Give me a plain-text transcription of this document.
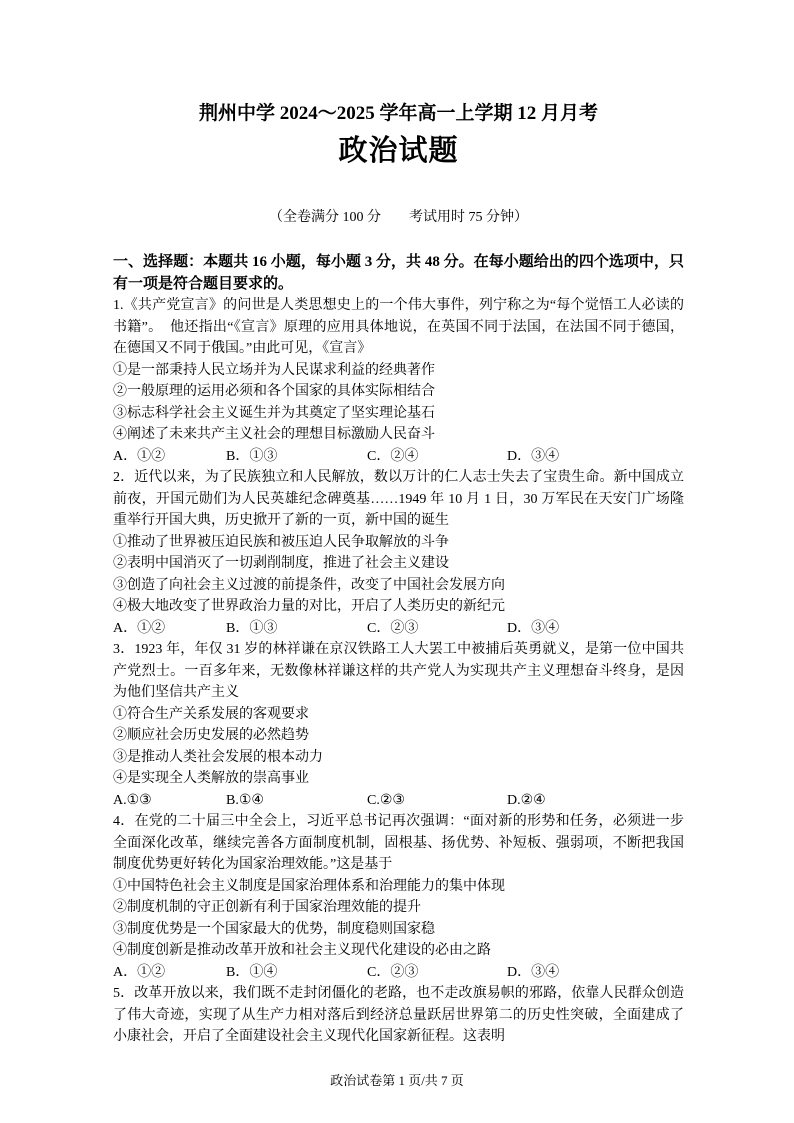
荆州中学 2024～2025 学年高一上学期 12 月月考
政治试题
（全卷满分 100 分　　考试用时 75 分钟）
一、选择题：本题共 16 小题，每小题 3 分，共 48 分。在每小题给出的四个选项中，只有一项是符合题目要求的。

1.《共产党宣言》的问世是人类思想史上的一个伟大事件，列宁称之为“每个觉悟工人必读的书籍”。  他还指出“《宣言》原理的应用具体地说，在英国不同于法国，在法国不同于德国，在德国又不同于俄国。”由此可见，《宣言》

①是一部秉持人民立场并为人民谋求利益的经典著作

②一般原理的运用必须和各个国家的具体实际相结合

③标志科学社会主义诞生并为其奠定了坚实理论基石

④阐述了未来共产主义社会的理想目标激励人民奋斗

A．①②	B．①③	C．②④	D．③④

2．近代以来，为了民族独立和人民解放，数以万计的仁人志士失去了宝贵生命。新中国成立前夜，开国元勋们为人民英雄纪念碑奠基……1949 年 10 月 1 日，30 万军民在天安门广场隆重举行开国大典，历史掀开了新的一页，新中国的诞生

①推动了世界被压迫民族和被压迫人民争取解放的斗争

②表明中国消灭了一切剥削制度，推进了社会主义建设

③创造了向社会主义过渡的前提条件，改变了中国社会发展方向

④极大地改变了世界政治力量的对比，开启了人类历史的新纪元

A．①②	B．①③	C．②③	D．③④

3．1923 年，年仅 31 岁的林祥谦在京汉铁路工人大罢工中被捕后英勇就义，是第一位中国共产党烈士。一百多年来，无数像林祥谦这样的共产党人为实现共产主义理想奋斗终身，是因为他们坚信共产主义

①符合生产关系发展的客观要求

②顺应社会历史发展的必然趋势

③是推动人类社会发展的根本动力

④是实现全人类解放的崇高事业

A.①③	B.①④	C.②③	D.②④

4．在党的二十届三中全会上，习近平总书记再次强调：“面对新的形势和任务，必须进一步全面深化改革，继续完善各方面制度机制，固根基、扬优势、补短板、强弱项，不断把我国制度优势更好转化为国家治理效能。”这是基于

①中国特色社会主义制度是国家治理体系和治理能力的集中体现

②制度机制的守正创新有利于国家治理效能的提升

③制度优势是一个国家最大的优势，制度稳则国家稳

④制度创新是推动改革开放和社会主义现代化建设的必由之路

A．①②	B．①④	C．②③	D．③④

5．改革开放以来，我们既不走封闭僵化的老路，也不走改旗易帜的邪路，依靠人民群众创造了伟大奇迹，实现了从生产力相对落后到经济总量跃居世界第二的历史性突破，全面建成了小康社会，开启了全面建设社会主义现代化国家新征程。这表明

政治试卷第 1 页/共 7 页
